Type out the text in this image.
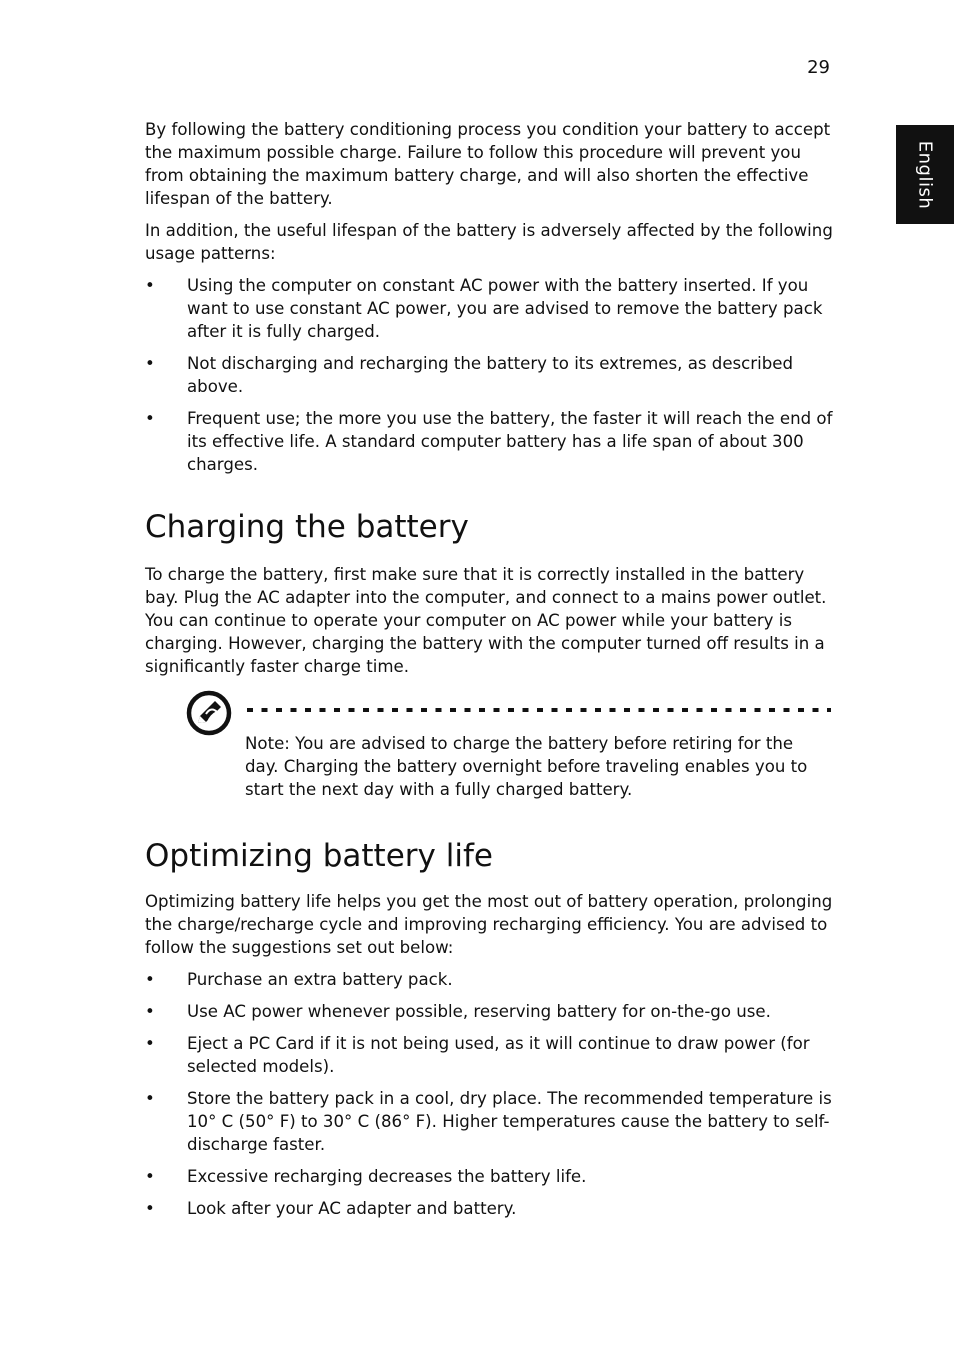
29
English

By following the battery conditioning process you condition your battery to accept the maximum possible charge. Failure to follow this procedure will prevent you from obtaining the maximum battery charge, and will also shorten the effective lifespan of the battery.

In addition, the useful lifespan of the battery is adversely affected by the following usage patterns:

• Using the computer on constant AC power with the battery inserted. If you want to use constant AC power, you are advised to remove the battery pack after it is fully charged.
• Not discharging and recharging the battery to its extremes, as described above.
• Frequent use; the more you use the battery, the faster it will reach the end of its effective life. A standard computer battery has a life span of about 300 charges.
Charging the battery

To charge the battery, first make sure that it is correctly installed in the battery bay. Plug the AC adapter into the computer, and connect to a mains power outlet. You can continue to operate your computer on AC power while your battery is charging. However, charging the battery with the computer turned off results in a significantly faster charge time.

Note: You are advised to charge the battery before retiring for the day. Charging the battery overnight before traveling enables you to start the next day with a fully charged battery.
Optimizing battery life

Optimizing battery life helps you get the most out of battery operation, prolonging the charge/recharge cycle and improving recharging efficiency. You are advised to follow the suggestions set out below:

• Purchase an extra battery pack.
• Use AC power whenever possible, reserving battery for on-the-go use.
• Eject a PC Card if it is not being used, as it will continue to draw power (for selected models).
• Store the battery pack in a cool, dry place. The recommended temperature is 10° C (50° F) to 30° C (86° F). Higher temperatures cause the battery to self-discharge faster.
• Excessive recharging decreases the battery life.
• Look after your AC adapter and battery.
